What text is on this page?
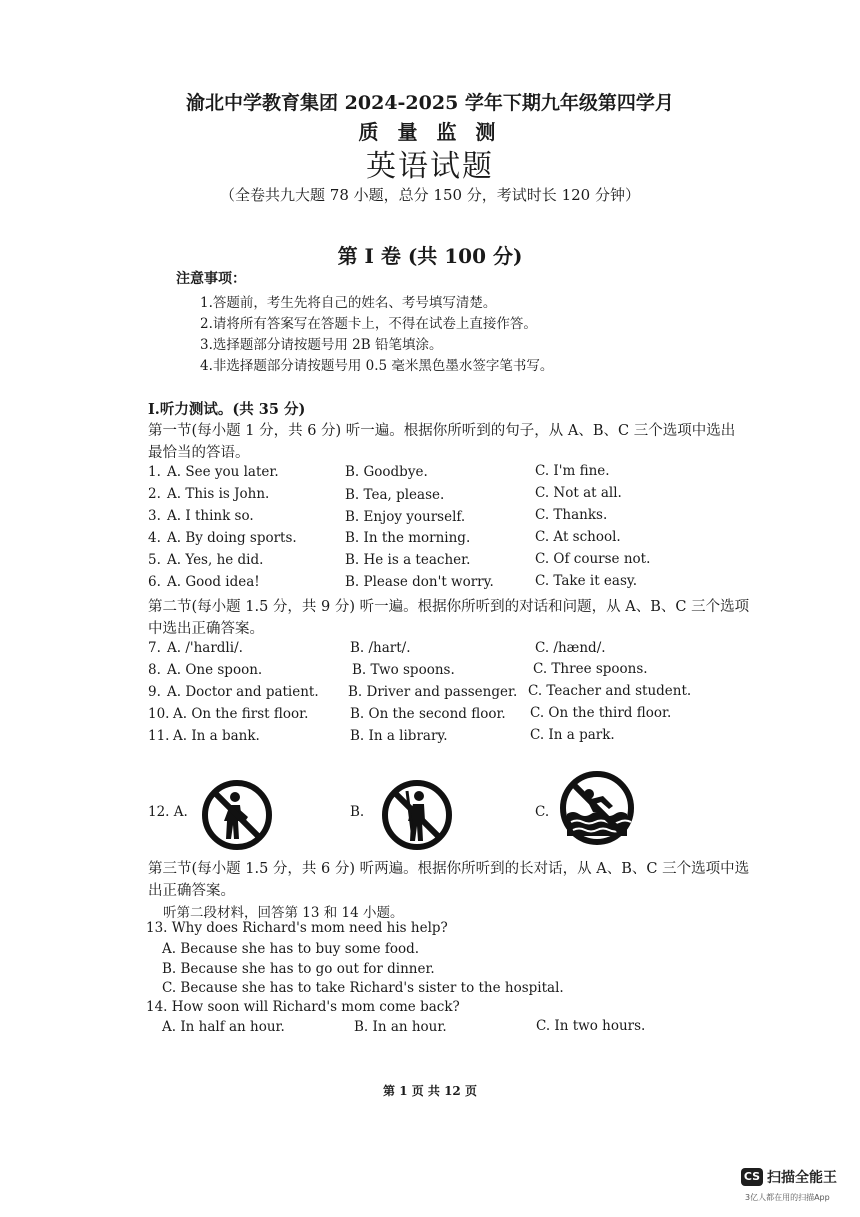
渝北中学教育集团 2024-2025 学年下期九年级第四学月
质 量 监 测
英语试题
（全卷共九大题 78 小题，总分 150 分，考试时长 120 分钟）
第 I 卷 (共 100 分)
注意事项：
1.答题前，考生先将自己的姓名、考号填写清楚。
2.请将所有答案写在答题卡上，不得在试卷上直接作答。
3.选择题部分请按题号用 2B 铅笔填涂。
4.非选择题部分请按题号用 0.5 毫米黑色墨水签字笔书写。
I.听力测试。(共 35 分)
第一节(每小题 1 分，共 6 分) 听一遍。根据你所听到的句子，从 A、B、C 三个选项中选出
最恰当的答语。
1. A. See you later.	B. Goodbye.	C. I'm fine.
2. A. This is John.	B. Tea, please.	C. Not at all.
3. A. I think so.	B. Enjoy yourself.	C. Thanks.
4. A. By doing sports.	B. In the morning.	C. At school.
5. A. Yes, he did.	B. He is a teacher.	C. Of course not.
6. A. Good idea!	B. Please don't worry.	C. Take it easy.
第二节(每小题 1.5 分，共 9 分) 听一遍。根据你所听到的对话和问题，从 A、B、C 三个选项
中选出正确答案。
7. A. /'hardli/.	B. /hart/.	C. /hænd/.
8. A. One spoon.	B. Two spoons.	C. Three spoons.
9. A. Doctor and patient. B. Driver and passenger. C. Teacher and student.
10. A. On the first floor.	B. On the second floor. C. On the third floor.
11. A. In a bank.	B. In a library.	C. In a park.
12. A.	B.	C.
第三节(每小题 1.5 分，共 6 分) 听两遍。根据你所听到的长对话，从 A、B、C 三个选项中选
出正确答案。
听第二段材料，回答第 13 和 14 小题。
13. Why does Richard's mom need his help?
A. Because she has to buy some food.
B. Because she has to go out for dinner.
C. Because she has to take Richard's sister to the hospital.
14. How soon will Richard's mom come back?
A. In half an hour.	B. In an hour.	C. In two hours.
第 1 页 共 12 页
CS 扫描全能王
3亿人都在用的扫描App
